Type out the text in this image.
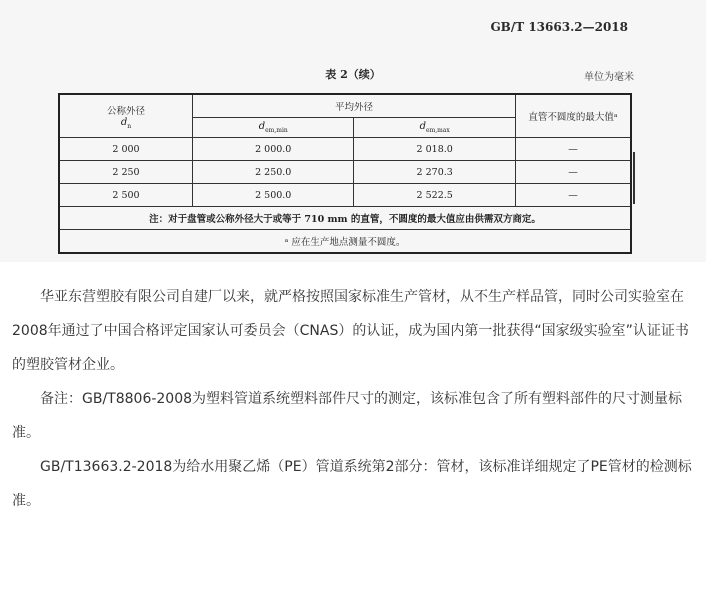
GB/T 13663.2—2018
表 2（续）	单位为毫米
公称外径
$d_n$	平均外径		直管不圆度的最大值ᵃ
	$d_{em,min}$	$d_{em,max}$
2 000	2 000.0	2 018.0	—
2 250	2 250.0	2 270.3	—
2 500	2 500.0	2 522.5	—
注：对于盘管或公称外径大于或等于 710 mm 的直管，不圆度的最大值应由供需双方商定。			
ᵃ 应在生产地点测量不圆度。			
华亚东营塑胶有限公司自建厂以来，就严格按照国家标准生产管材，从不生产样品管，同时公司实验室在2008年通过了中国合格评定国家认可委员会（CNAS）的认证，成为国内第一批获得“国家级实验室”认证证书的塑胶管材企业。
备注：GB/T8806-2008为塑料管道系统塑料部件尺寸的测定，该标准包含了所有塑料部件的尺寸测量标准。
GB/T13663.2-2018为给水用聚乙烯（PE）管道系统第2部分：管材，该标准详细规定了PE管材的检测标准。
